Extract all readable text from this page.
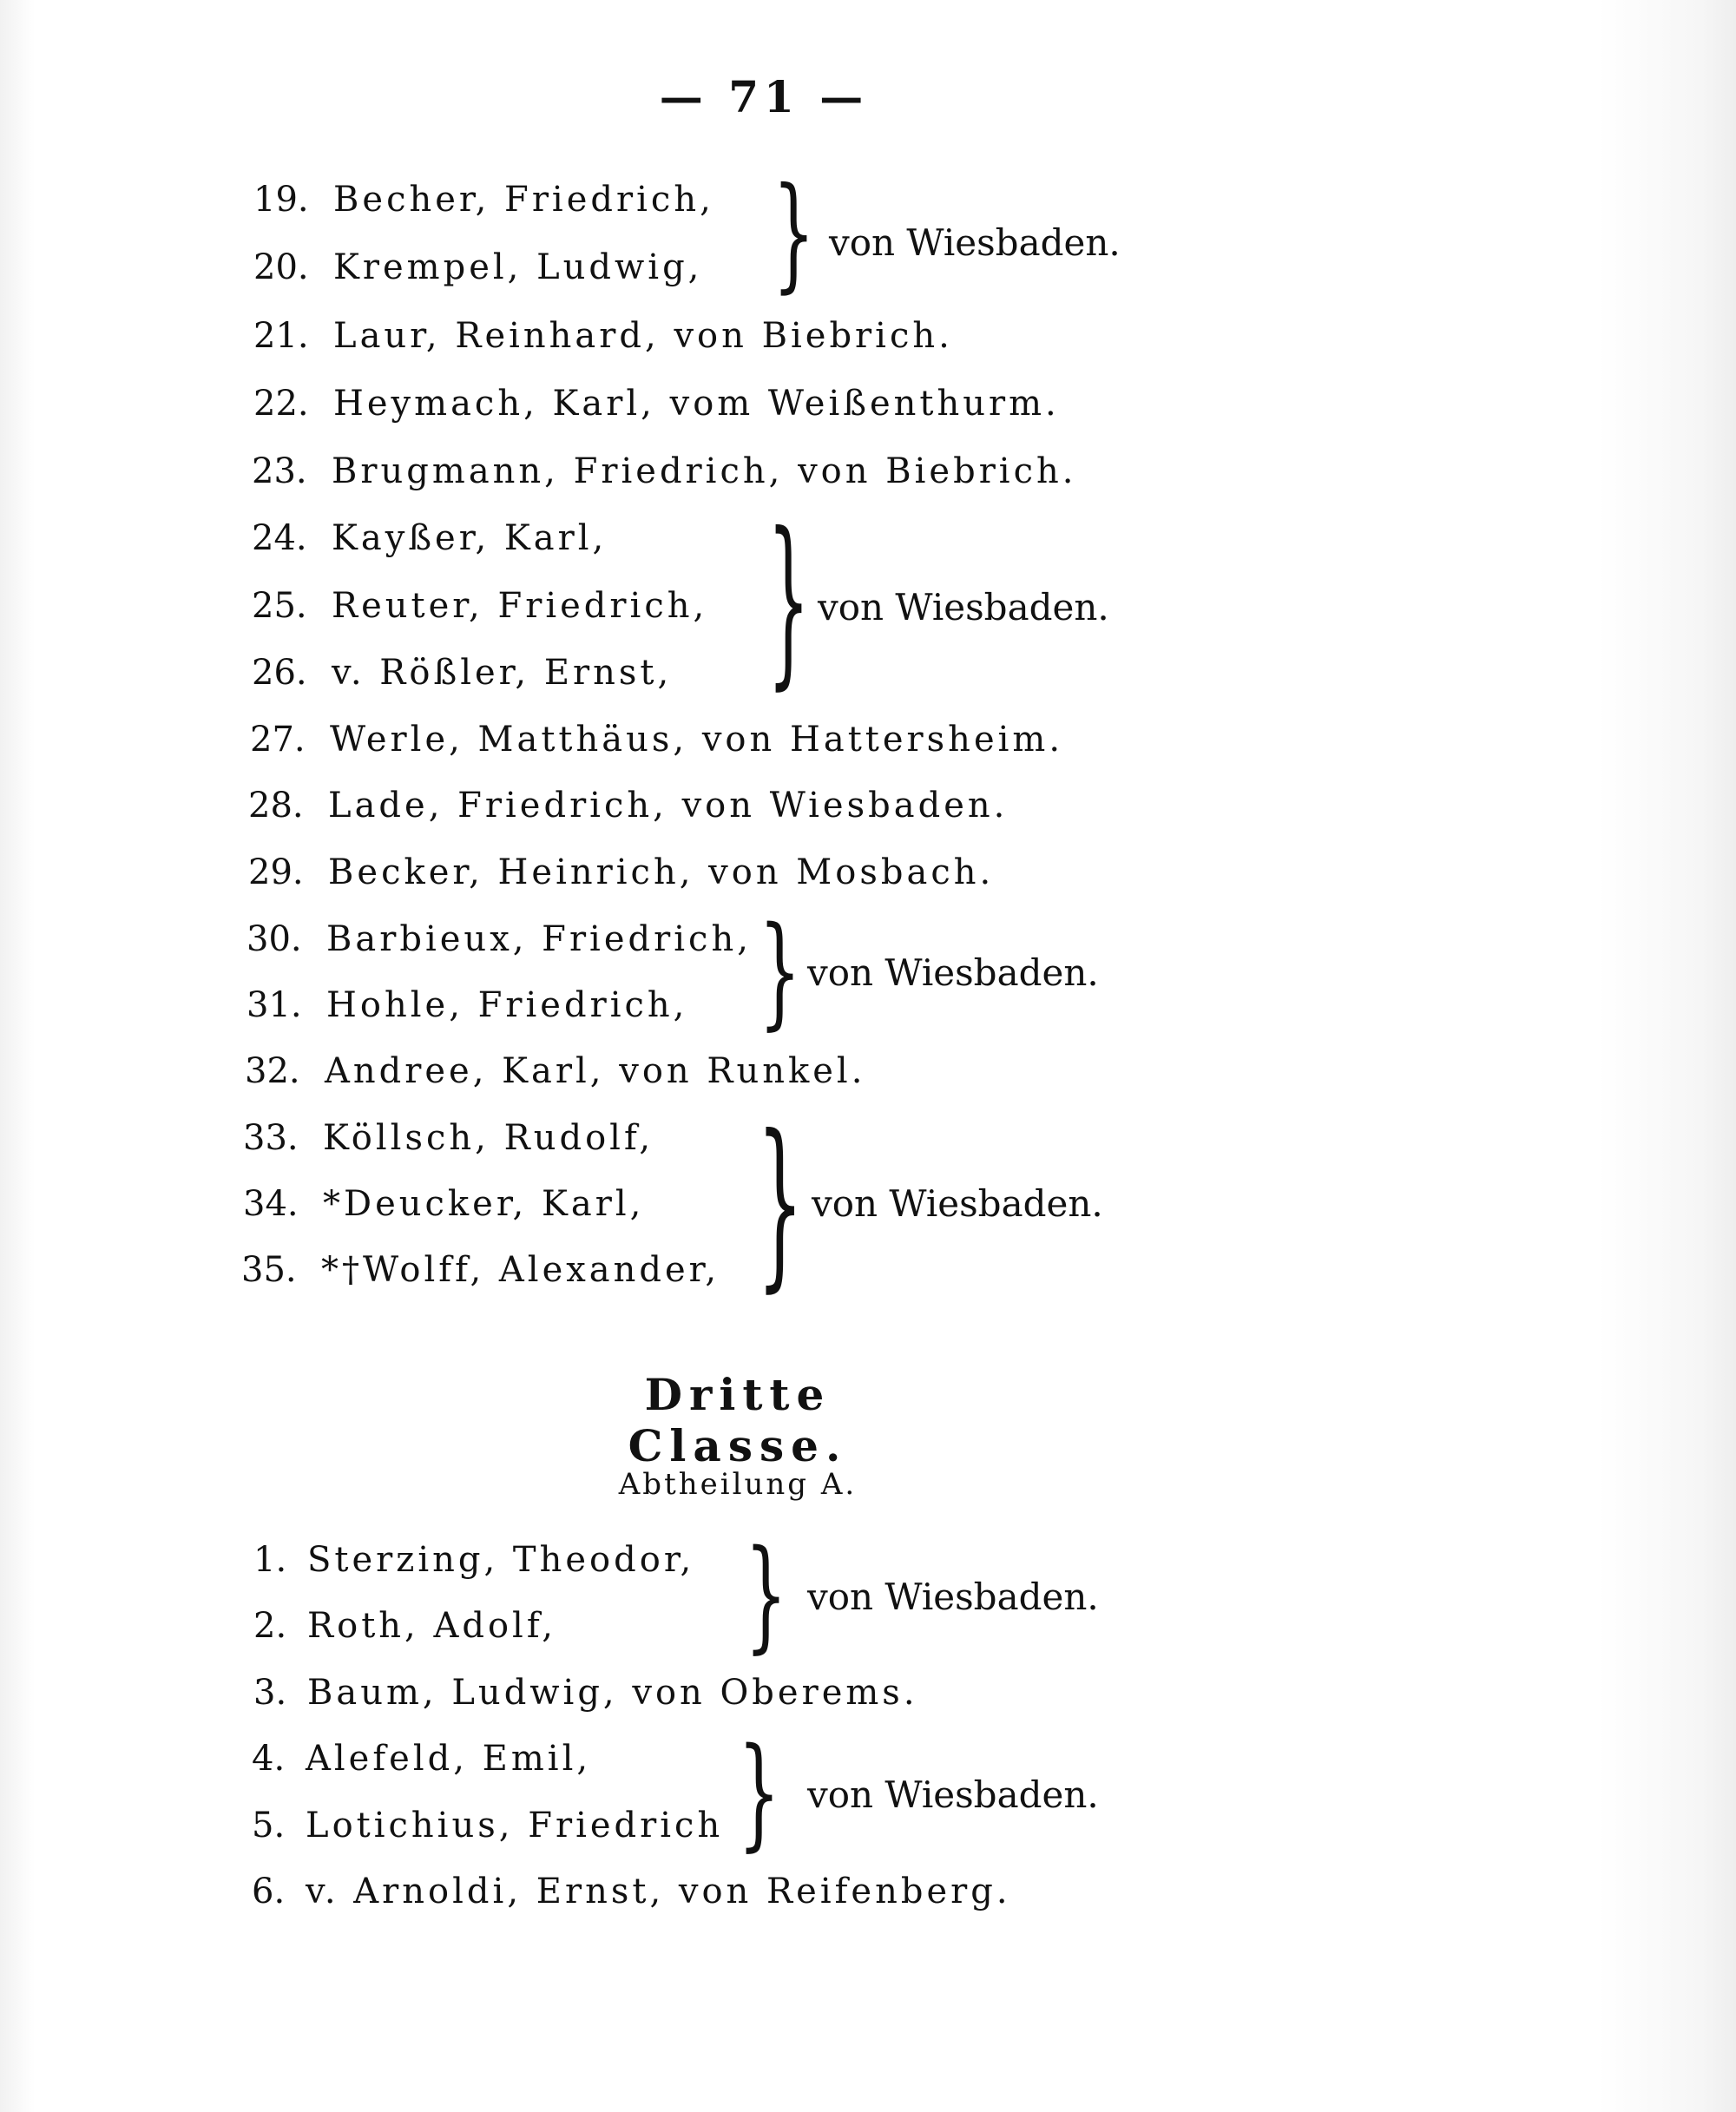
— 71 —
19. Becher, Friedrich,
20. Krempel, Ludwig,
21. Laur, Reinhard, von Biebrich.
22. Heymach, Karl, vom Weißenthurm.
23. Brugmann, Friedrich, von Biebrich.
24. Kayßer, Karl,
25. Reuter, Friedrich,
26. v. Rößler, Ernst,
27. Werle, Matthäus, von Hattersheim.
28. Lade, Friedrich, von Wiesbaden.
29. Becker, Heinrich, von Mosbach.
30. Barbieux, Friedrich,
31. Hohle, Friedrich,
32. Andree, Karl, von Runkel.
33. Köllsch, Rudolf,
34. *Deucker, Karl,
35. *†Wolff, Alexander,
} von Wiesbaden.
} von Wiesbaden.
} von Wiesbaden.
} von Wiesbaden.
Dritte Classe.
Abtheilung A.
1. Sterzing, Theodor,
2. Roth, Adolf,
3. Baum, Ludwig, von Oberems.
4. Alefeld, Emil,
5. Lotichius, Friedrich
6. v. Arnoldi, Ernst, von Reifenberg.
} von Wiesbaden.
} von Wiesbaden.
